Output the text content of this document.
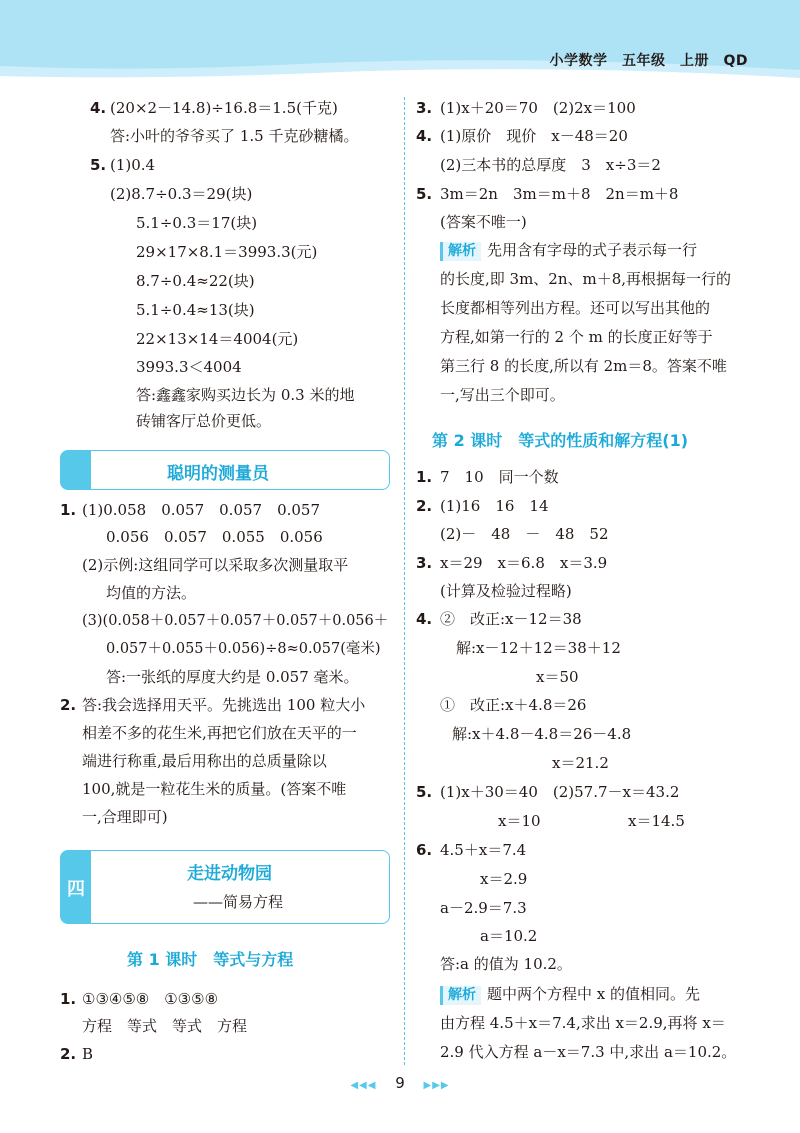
小学数学　五年级　上册　QD
4. (20×2－14.8)÷16.8＝1.5(千克)
答:小叶的爷爷买了 1.5 千克砂糖橘。
5. (1)0.4
(2)8.7÷0.3＝29(块)
5.1÷0.3＝17(块)
29×17×8.1＝3993.3(元)
8.7÷0.4≈22(块)
5.1÷0.4≈13(块)
22×13×14＝4004(元)
3993.3＜4004
答:鑫鑫家购买边长为 0.3 米的地
砖铺客厅总价更低。
聪明的测量员
1. (1)0.058　0.057　0.057　0.057
0.056　0.057　0.055　0.056
(2)示例:这组同学可以采取多次测量取平
均值的方法。
(3)(0.058＋0.057＋0.057＋0.057＋0.056＋
0.057＋0.055＋0.056)÷8≈0.057(毫米)
答:一张纸的厚度大约是 0.057 毫米。
2. 答:我会选择用天平。先挑选出 100 粒大小
相差不多的花生米,再把它们放在天平的一
端进行称重,最后用称出的总质量除以
100,就是一粒花生米的质量。(答案不唯
一,合理即可)
四
走进动物园
——简易方程
第 1 课时　等式与方程
1. ①③④⑤⑧　①③⑤⑧
方程　等式　等式　方程
2. B
3. (1)x＋20＝70　(2)2x＝100
4. (1)原价　现价　x－48＝20
(2)三本书的总厚度　3　x÷3＝2
5. 3m＝2n　3m＝m＋8　2n＝m＋8
(答案不唯一)
解析 先用含有字母的式子表示每一行
的长度,即 3m、2n、m＋8,再根据每一行的
长度都相等列出方程。还可以写出其他的
方程,如第一行的 2 个 m 的长度正好等于
第三行 8 的长度,所以有 2m＝8。答案不唯
一,写出三个即可。
第 2 课时　等式的性质和解方程(1)
1. 7　10　同一个数
2. (1)16　16　14
(2)－　48　－　48　52
3. x＝29　x＝6.8　x＝3.9
(计算及检验过程略)
4. ②　改正:x－12＝38
解:x－12＋12＝38＋12
x＝50
①　改正:x＋4.8＝26
解:x＋4.8－4.8＝26－4.8
x＝21.2
5. (1)x＋30＝40　(2)57.7－x＝43.2
x＝10	x＝14.5
6. 4.5＋x＝7.4
x＝2.9
a－2.9＝7.3
a＝10.2
答:a 的值为 10.2。
解析 题中两个方程中 x 的值相同。先
由方程 4.5＋x＝7.4,求出 x＝2.9,再将 x＝
2.9 代入方程 a－x＝7.3 中,求出 a＝10.2。
◀◀◀ 9 ▶▶▶
